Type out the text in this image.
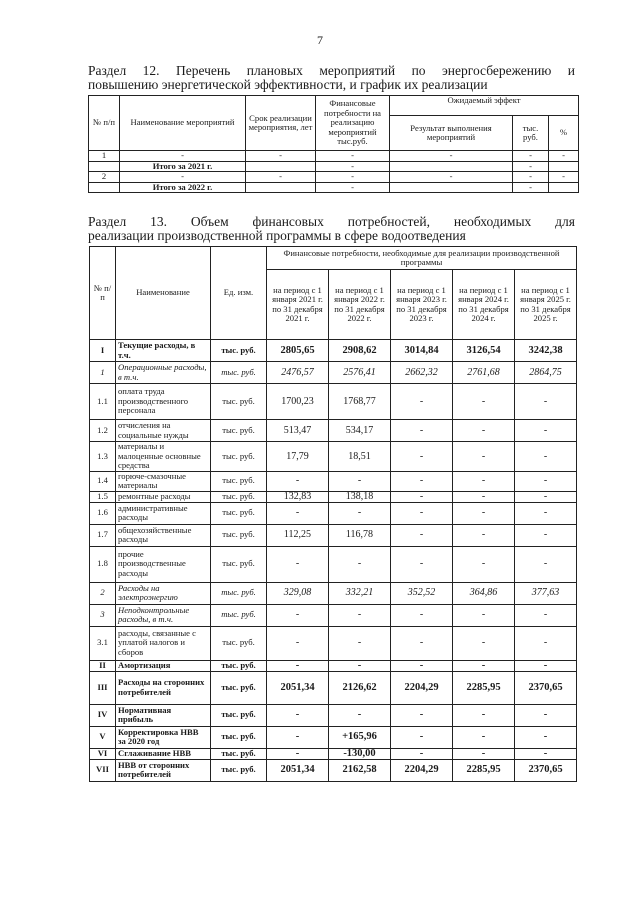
7

Раздел 12. Перечень плановых мероприятий по энергосбережению и
повышению энергетической эффективности, и график их реализации

№ п/п	Наименование мероприятий	Срок реализации мероприятия, лет	Финансовые потребности на реализацию мероприятий тыс.руб.	Ожидаемый эффект		
				Результат выполнения мероприятий	тыс. руб.	%
1	-	-	-	-	-	-
	Итого за 2021 г.		-		-	
2	-	-	-	-	-	-
	Итого за 2022 г.		-		-	

Раздел 13. Объем финансовых потребностей, необходимых для
реализации производственной программы в сфере водоотведения

№ п/п	Наименование	Ед. изм.	Финансовые потребности, необходимые для реализации производственной программы				
			на период с 1 января 2021 г. по 31 декабря 2021 г.	на период с 1 января 2022 г. по 31 декабря 2022 г.	на период с 1 января 2023 г. по 31 декабря 2023 г.	на период с 1 января 2024 г. по 31 декабря 2024 г.	на период с 1 января 2025 г. по 31 декабря 2025 г.
I	Текущие расходы, в т.ч.	тыс. руб.	2805,65	2908,62	3014,84	3126,54	3242,38
1	Операционные расходы, в т.ч.	тыс. руб.	2476,57	2576,41	2662,32	2761,68	2864,75
1.1	оплата труда производственного персонала	тыс. руб.	1700,23	1768,77	-	-	-
1.2	отчисления на социальные нужды	тыс. руб.	513,47	534,17	-	-	-
1.3	материалы и малоценные основные средства	тыс. руб.	17,79	18,51	-	-	-
1.4	горюче-смазочные материалы	тыс. руб.	-	-	-	-	-
1.5	ремонтные расходы	тыс. руб.	132,83	138,18	-	-	-
1.6	административные расходы	тыс. руб.	-	-	-	-	-
1.7	общехозяйственные расходы	тыс. руб.	112,25	116,78	-	-	-
1.8	прочие производственные расходы	тыс. руб.	-	-	-	-	-
2	Расходы на электроэнергию	тыс. руб.	329,08	332,21	352,52	364,86	377,63
3	Неподконтрольные расходы, в т.ч.	тыс. руб.	-	-	-	-	-
3.1	расходы, связанные с уплатой налогов и сборов	тыс. руб.	-	-	-	-	-
II	Амортизация	тыс. руб.	-	-	-	-	-
III	Расходы на сторонних потребителей	тыс. руб.	2051,34	2126,62	2204,29	2285,95	2370,65
IV	Нормативная прибыль	тыс. руб.	-	-	-	-	-
V	Корректировка НВВ за 2020 год	тыс. руб.	-	+165,96	-	-	-
VI	Сглаживание НВВ	тыс. руб.	-	-130,00	-	-	-
VII	НВВ от сторонних потребителей	тыс. руб.	2051,34	2162,58	2204,29	2285,95	2370,65
